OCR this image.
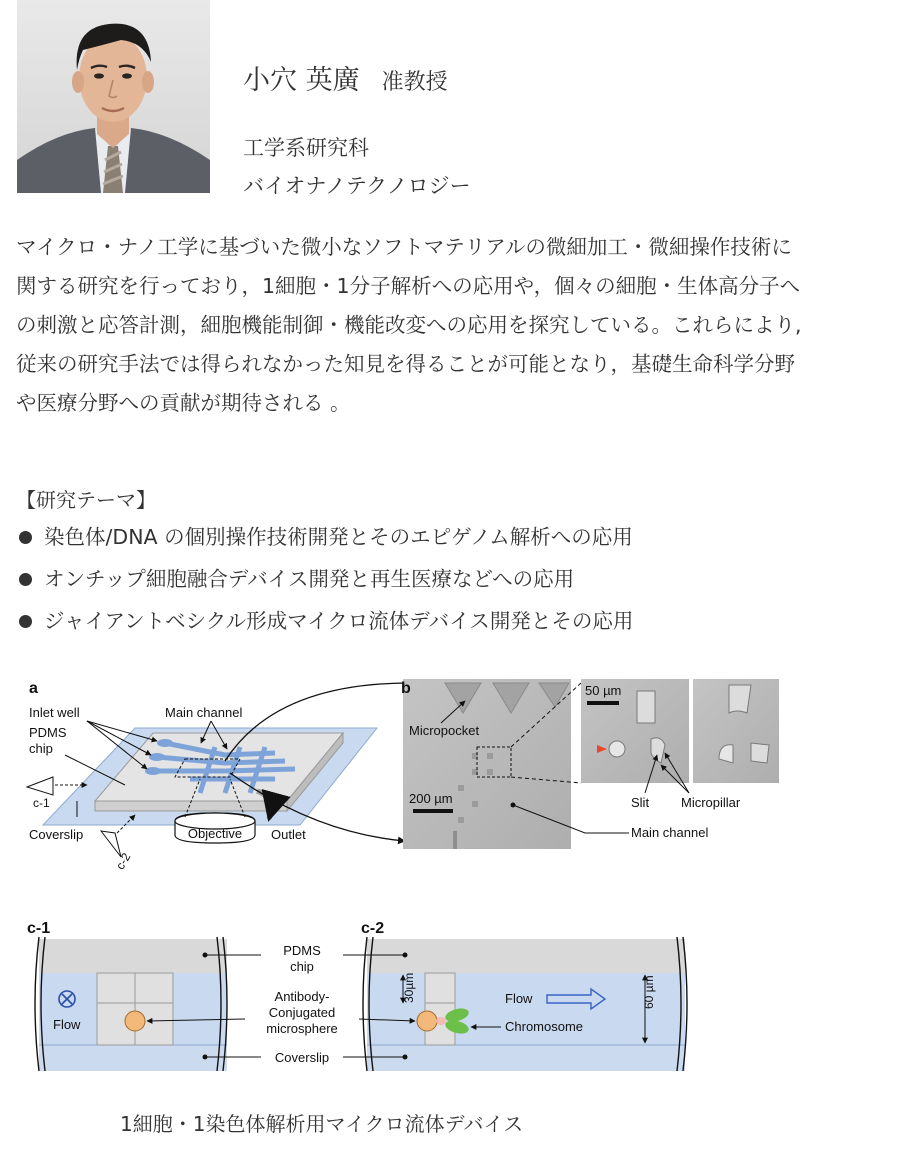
小穴 英廣 准教授
工学系研究科
バイオナノテクノロジー
マイクロ・ナノ工学に基づいた微小なソフトマテリアルの微細加工・微細操作技術に
関する研究を行っており，1細胞・1分子解析への応用や，個々の細胞・生体高分子へ
の刺激と応答計測，細胞機能制御・機能改変への応用を探究している。これらにより,
従来の研究手法では得られなかった知見を得ることが可能となり，基礎生命科学分野
や医療分野への貢献が期待される 。
【研究テーマ】
染色体/DNA の個別操作技術開発とそのエピゲノム解析への応用
オンチップ細胞融合デバイス開発と再生医療などへの応用
ジャイアントベシクル形成マイクロ流体デバイス開発とその応用
a
Objective Outlet
Inlet well
PDMS
chip
Main channel
c-1
Coverslip
c-2
b
Micropocket
200 µm
50 µm
Slit Micropillar
Main channel
c-1	c-2
Flow
Flow
Chromosome
30µm	60 µm
PDMS
chip
Antibody-
Conjugated
microsphere
Coverslip
1細胞・1染色体解析用マイクロ流体デバイス
